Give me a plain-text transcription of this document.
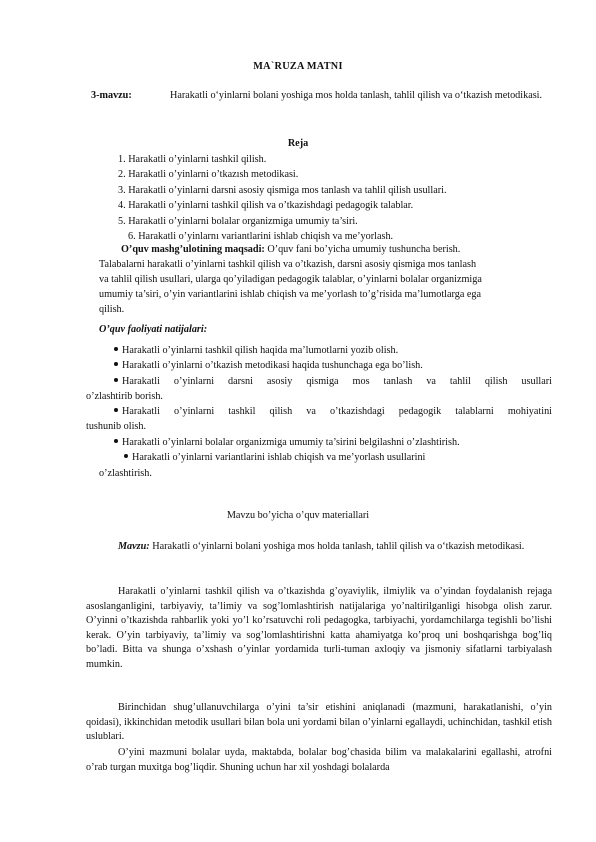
MA`RUZA MATNI
3-mavzu:	Harakatli o‘yinlarni bolani yoshiga mos holda tanlash, tahlil qilish va o‘tkazish metodikasi.
Reja
1. Harakatli o’yinlarni tashkil qilish.
2. Harakatli o’yinlarni o’tkazısh metodikasi.
3. Harakatli o’yinlarni darsni asosiy qismiga mos tanlash va tahlil qilish usullari.
4. Harakatli o’yinlarni tashkil qilish va o’tkazishdagi pedagogik talablar.
5. Harakatli o’yinlarni bolalar organizmiga umumiy ta’siri.
6. Harakatli o’yinlarnı variantlarini ishlab chiqish va me’yorlash.
O’quv mashg’ulotining maqsadi: O’quv fani bo’yicha umumiy tushuncha berish.
Talabalarni harakatli o’yinlarni tashkil qilish va o’tkazish, darsni asosiy qismiga mos tanlash
va tahlil qilish usullari, ularga qo’yiladigan pedagogik talablar, o’yinlarni bolalar organizmiga
umumiy ta’siri, o’yin variantlarini ishlab chiqish va me’yorlash to’g’risida ma’lumotlarga ega
qilish.
O’quv faoliyati natijalari:
Harakatli o’yinlarni tashkil qilish haqida ma’lumotlarni yozib olish.
Harakatli o’yinlarni o’tkazish metodikasi haqida tushunchaga ega bo’lish.
Harakatli o’yinlarni darsni asosiy qismiga mos tanlash va tahlil qilish usullari
o’zlashtirib borish.
Harakatli o’yinlarni tashkil qilish va o’tkazishdagi pedagogik talablarni mohiyatini
tushunib olish.
Harakatli o’yinlarni bolalar organizmiga umumiy ta’sirini belgilashni o’zlashtirish.
Harakatli o’yinlarni variantlarini ishlab chiqish va me’yorlash usullarini
o’zlashtirish.
Mavzu bo’yicha o’quv materiallari
Mavzu: Harakatli o‘yinlarni bolani yoshiga mos holda tanlash, tahlil qilish va o‘tkazish metodikasi.
Harakatli o’yinlarni tashkil qilish va o’tkazishda g’oyaviylik, ilmiylik va o’yindan foydalanish rejaga asoslanganligini, tarbiyaviy, ta’limiy va sog’lomlashtirish natijalariga yo’naltirilganligi hisobga olish zarur. O’yinni o’tkazishda rahbarlik yoki yo’l ko’rsatuvchi roli pedagogka, tarbiyachi, yordamchilarga tegishli bo’lishi kerak. O’yin tarbiyaviy, ta’limiy va sog’lomlashtirishni katta ahamiyatga ko’proq uni boshqarishga bog’liq bo’ladi. Bitta va shunga o’xshash o’yinlar yordamida turli-tuman axloqiy va jismoniy sifatlarni tarbiyalash mumkin.
Birinchidan shug’ullanuvchilarga o’yini ta’sir etishini aniqlanadi (mazmuni, harakatlanishi, o’yin qoidasi), ikkinchidan metodik usullari bilan bola uni yordami bilan o’yinlarni egallaydi, uchinchidan, tashkil etish uslublari.
O’yini mazmuni bolalar uyda, maktabda, bolalar bog’chasida bilim va malakalarini egallashi, atrofni o’rab turgan muxitga bog’liqdir. Shuning uchun har xil yoshdagi bolalarda
